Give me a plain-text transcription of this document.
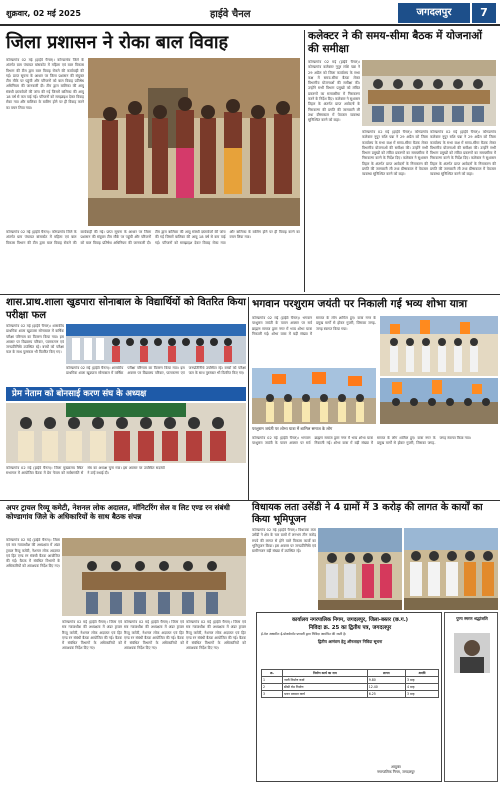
शुक्रवार, 02 मई 2025	हाईवे चैनल	जगदलपुर	7
जिला प्रशासन ने रोका बाल विवाह
कोण्डागांव 02 मई (हाईवे चैनल)। कोण्डागांव जिले के अंतर्गत ग्राम पंचायत बांसकोट में महिला एवं बाल विकास विभाग की टीम द्वारा बाल विवाह रोकने की कार्यवाही की गई। प्राप्त सूचना के आधार पर जिला प्रशासन की संयुक्त टीम मौके पर पहुंची और परिजनों को बाल विवाह प्रतिषेध अधिनियम की जानकारी दी। टीम द्वारा बालिका की आयु संबंधी दस्तावेजों की जांच की गई जिसमें बालिका की आयु 18 वर्ष से कम पाई गई। परिजनों को समझाइश देकर विवाह रोका गया और बालिका के बालिग होने पर ही विवाह करने का वचन लिया गया।
कोण्डागांव 02 मई (हाईवे चैनल)। कोण्डागांव जिले के अंतर्गत ग्राम पंचायत बांसकोट में महिला एवं बाल विकास विभाग की टीम द्वारा बाल विवाह रोकने की कार्यवाही की गई। प्राप्त सूचना के आधार पर जिला प्रशासन की संयुक्त टीम मौके पर पहुंची और परिजनों को बाल विवाह प्रतिषेध अधिनियम की जानकारी दी। टीम द्वारा बालिका की आयु संबंधी दस्तावेजों की जांच की गई जिसमें बालिका की आयु 18 वर्ष से कम पाई गई। परिजनों को समझाइश देकर विवाह रोका गया और बालिका के बालिग होने पर ही विवाह करने का वचन लिया गया।
कलेक्टर ने की समय-सीमा बैठक में योजनाओं की समीक्षा
कोण्डागांव 02 मई (हाईवे चैनल)। कोण्डागांव कलेक्टर नूपुर राशि पन्ना ने 29 अप्रैल को जिला कार्यालय के सभा कक्ष में समय-सीमा बैठक लेकर विभागीय योजनाओं की समीक्षा की। उन्होंने सभी विभाग प्रमुखों को लंबित प्रकरणों का समयसीमा में निराकरण करने के निर्देश दिए। कलेक्टर ने सुशासन तिहार के अंतर्गत प्राप्त आवेदनों के निराकरण की प्रगति की जानकारी ली तथा ग्रीष्मकाल में पेयजल व्यवस्था सुनिश्चित करने को कहा।
कोण्डागांव 02 मई (हाईवे चैनल)। कोण्डागांव कलेक्टर नूपुर राशि पन्ना ने 29 अप्रैल को जिला कार्यालय के सभा कक्ष में समय-सीमा बैठक लेकर विभागीय योजनाओं की समीक्षा की। उन्होंने सभी विभाग प्रमुखों को लंबित प्रकरणों का समयसीमा में निराकरण करने के निर्देश दिए। कलेक्टर ने सुशासन तिहार के अंतर्गत प्राप्त आवेदनों के निराकरण की प्रगति की जानकारी ली तथा ग्रीष्मकाल में पेयजल व्यवस्था सुनिश्चित करने को कहा।
कोण्डागांव 02 मई (हाईवे चैनल)। कोण्डागांव कलेक्टर नूपुर राशि पन्ना ने 29 अप्रैल को जिला कार्यालय के सभा कक्ष में समय-सीमा बैठक लेकर विभागीय योजनाओं की समीक्षा की। उन्होंने सभी विभाग प्रमुखों को लंबित प्रकरणों का समयसीमा में निराकरण करने के निर्देश दिए। कलेक्टर ने सुशासन तिहार के अंतर्गत प्राप्त आवेदनों के निराकरण की प्रगति की जानकारी ली तथा ग्रीष्मकाल में पेयजल व्यवस्था सुनिश्चित करने को कहा।
शास.प्राथ.शाला खुडपारा सोनाबाल के विद्यार्थियों को वितरित किया परीक्षा फल
कोण्डागांव 02 मई (हाईवे चैनल)। शासकीय प्राथमिक शाला खुडपारा सोनाबाल में वार्षिक परीक्षा परिणाम का वितरण किया गया। इस अवसर पर विद्यालय परिवार, पालकगण एवं जनप्रतिनिधि उपस्थित रहे। बच्चों को परीक्षा फल के साथ पुरस्कार भी वितरित किए गए।
कोण्डागांव 02 मई (हाईवे चैनल)। शासकीय प्राथमिक शाला खुडपारा सोनाबाल में वार्षिक परीक्षा परिणाम का वितरण किया गया। इस अवसर पर विद्यालय परिवार, पालकगण एवं जनप्रतिनिधि उपस्थित रहे। बच्चों को परीक्षा फल के साथ पुरस्कार भी वितरित किए गए।
प्रेम नेताम को बोनसाई करण संघ के अध्यक्ष
कोण्डागांव 02 मई (हाईवे चैनल)। जिला मुख्यालय स्थित सभागार में आयोजित बैठक में प्रेम नेताम को सर्वसम्मति से संघ का अध्यक्ष चुना गया। इस अवसर पर उपस्थित सदस्यों ने उन्हें बधाई दी।
भगवान परशुराम जयंती पर निकाली गई भव्य शोभा यात्रा
कोण्डागांव 02 मई (हाईवे चैनल)। भगवान परशुराम जयंती के पावन अवसर पर सर्व ब्राह्मण समाज द्वारा नगर में भव्य शोभा यात्रा निकाली गई। शोभा यात्रा में बड़ी संख्या में समाज के लोग शामिल हुए। यात्रा नगर के प्रमुख मार्गों से होकर गुजरी, जिसका जगह-जगह स्वागत किया गया।
परशुराम जयंती पर शोभा यात्रा में शामिल समाज के लोग
कोण्डागांव 02 मई (हाईवे चैनल)। भगवान परशुराम जयंती के पावन अवसर पर सर्व ब्राह्मण समाज द्वारा नगर में भव्य शोभा यात्रा निकाली गई। शोभा यात्रा में बड़ी संख्या में समाज के लोग शामिल हुए। यात्रा नगर के प्रमुख मार्गों से होकर गुजरी, जिसका जगह-जगह स्वागत किया गया।
विधायक लता उसेंडी ने 4 ग्रामों में 3 करोड़ की लागत के कार्यों का किया भूमिपूजन
कोण्डागांव 02 मई (हाईवे चैनल)। विधायक लता उसेंडी ने क्षेत्र के चार ग्रामों में लगभग तीन करोड़ रुपये की लागत से होने वाले विकास कार्यों का भूमिपूजन किया। इस अवसर पर जनप्रतिनिधि एवं ग्रामीणजन बड़ी संख्या में उपस्थित रहे।
अपर ट्रायल रिव्यू कमेटी, नेशनल लोक अदालत, मॉनिटरिंग सेल व लिट एण्ड रन संबंधी कोण्डागांव जिले के अधिकारियों के साथ बैठक संपन्न
कोण्डागांव 02 मई (हाईवे चैनल)। जिला एवं सत्र न्यायाधीश की अध्यक्षता में अंडर ट्रायल रिव्यू कमेटी, नेशनल लोक अदालत एवं हिट एण्ड रन संबंधी बैठक आयोजित की गई। बैठक में संबंधित विभागों के अधिकारियों को आवश्यक निर्देश दिए गए।
कोण्डागांव 02 मई (हाईवे चैनल)। जिला एवं सत्र न्यायाधीश की अध्यक्षता में अंडर ट्रायल रिव्यू कमेटी, नेशनल लोक अदालत एवं हिट एण्ड रन संबंधी बैठक आयोजित की गई। बैठक में संबंधित विभागों के अधिकारियों को आवश्यक निर्देश दिए गए।
कोण्डागांव 02 मई (हाईवे चैनल)। जिला एवं सत्र न्यायाधीश की अध्यक्षता में अंडर ट्रायल रिव्यू कमेटी, नेशनल लोक अदालत एवं हिट एण्ड रन संबंधी बैठक आयोजित की गई। बैठक में संबंधित विभागों के अधिकारियों को आवश्यक निर्देश दिए गए।
कोण्डागांव 02 मई (हाईवे चैनल)। जिला एवं सत्र न्यायाधीश की अध्यक्षता में अंडर ट्रायल रिव्यू कमेटी, नेशनल लोक अदालत एवं हिट एण्ड रन संबंधी बैठक आयोजित की गई। बैठक में संबंधित विभागों के अधिकारियों को आवश्यक निर्देश दिए गए।
कार्यालय नगरपालिक निगम, जगदलपुर, जिला-बस्तर (छ.ग.)
निविदा क्र. 25 का द्वितीय पत्र, जगदलपुर
ई-मेल आधारित ई-प्रोक्योरमेंट प्रणाली द्वारा निविदा आमंत्रित की जाती है।
द्वितीय आमंत्रण हेतु ऑनलाइन निविदा सूचना
क्र.	निर्माण कार्य का नाम	लागत	अवधि
1	नाली निर्माण कार्य	9.80	3 माह
2	सीसी रोड निर्माण	12.40	4 माह
3	भवन मरम्मत कार्य	6.25	3 माह
आयुक्त
नगरपालिक निगम, जगदलपुर
पुण्य स्मरण श्रद्धांजलि
